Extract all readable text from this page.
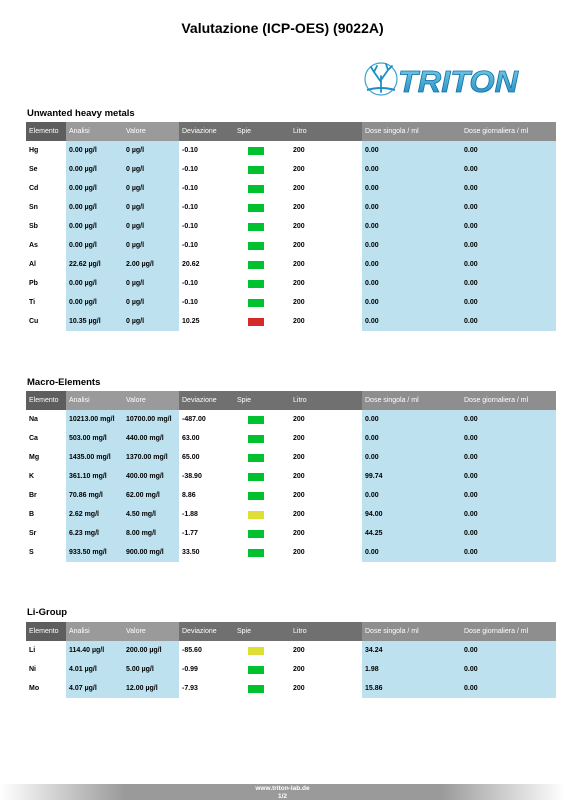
Valutazione (ICP-OES) (9022A)
TRITON
Unwanted heavy metals
Elemento	Analisi	Valore	Deviazione	Spie	Litro	Dose singola / ml	Dose giornaliera / ml
Hg	0.00 µg/l	0 µg/l	-0.10		200	0.00	0.00
Se	0.00 µg/l	0 µg/l	-0.10		200	0.00	0.00
Cd	0.00 µg/l	0 µg/l	-0.10		200	0.00	0.00
Sn	0.00 µg/l	0 µg/l	-0.10		200	0.00	0.00
Sb	0.00 µg/l	0 µg/l	-0.10		200	0.00	0.00
As	0.00 µg/l	0 µg/l	-0.10		200	0.00	0.00
Al	22.62 µg/l	2.00 µg/l	20.62		200	0.00	0.00
Pb	0.00 µg/l	0 µg/l	-0.10		200	0.00	0.00
Ti	0.00 µg/l	0 µg/l	-0.10		200	0.00	0.00
Cu	10.35 µg/l	0 µg/l	10.25		200	0.00	0.00
Macro-Elements
Elemento	Analisi	Valore	Deviazione	Spie	Litro	Dose singola / ml	Dose giornaliera / ml
Na	10213.00 mg/l	10700.00 mg/l	-487.00		200	0.00	0.00
Ca	503.00 mg/l	440.00 mg/l	63.00		200	0.00	0.00
Mg	1435.00 mg/l	1370.00 mg/l	65.00		200	0.00	0.00
K	361.10 mg/l	400.00 mg/l	-38.90		200	99.74	0.00
Br	70.86 mg/l	62.00 mg/l	8.86		200	0.00	0.00
B	2.62 mg/l	4.50 mg/l	-1.88		200	94.00	0.00
Sr	6.23 mg/l	8.00 mg/l	-1.77		200	44.25	0.00
S	933.50 mg/l	900.00 mg/l	33.50		200	0.00	0.00
Li-Group
Elemento	Analisi	Valore	Deviazione	Spie	Litro	Dose singola / ml	Dose giornaliera / ml
Li	114.40 µg/l	200.00 µg/l	-85.60		200	34.24	0.00
Ni	4.01 µg/l	5.00 µg/l	-0.99		200	1.98	0.00
Mo	4.07 µg/l	12.00 µg/l	-7.93		200	15.86	0.00
www.triton-lab.de
1/2
